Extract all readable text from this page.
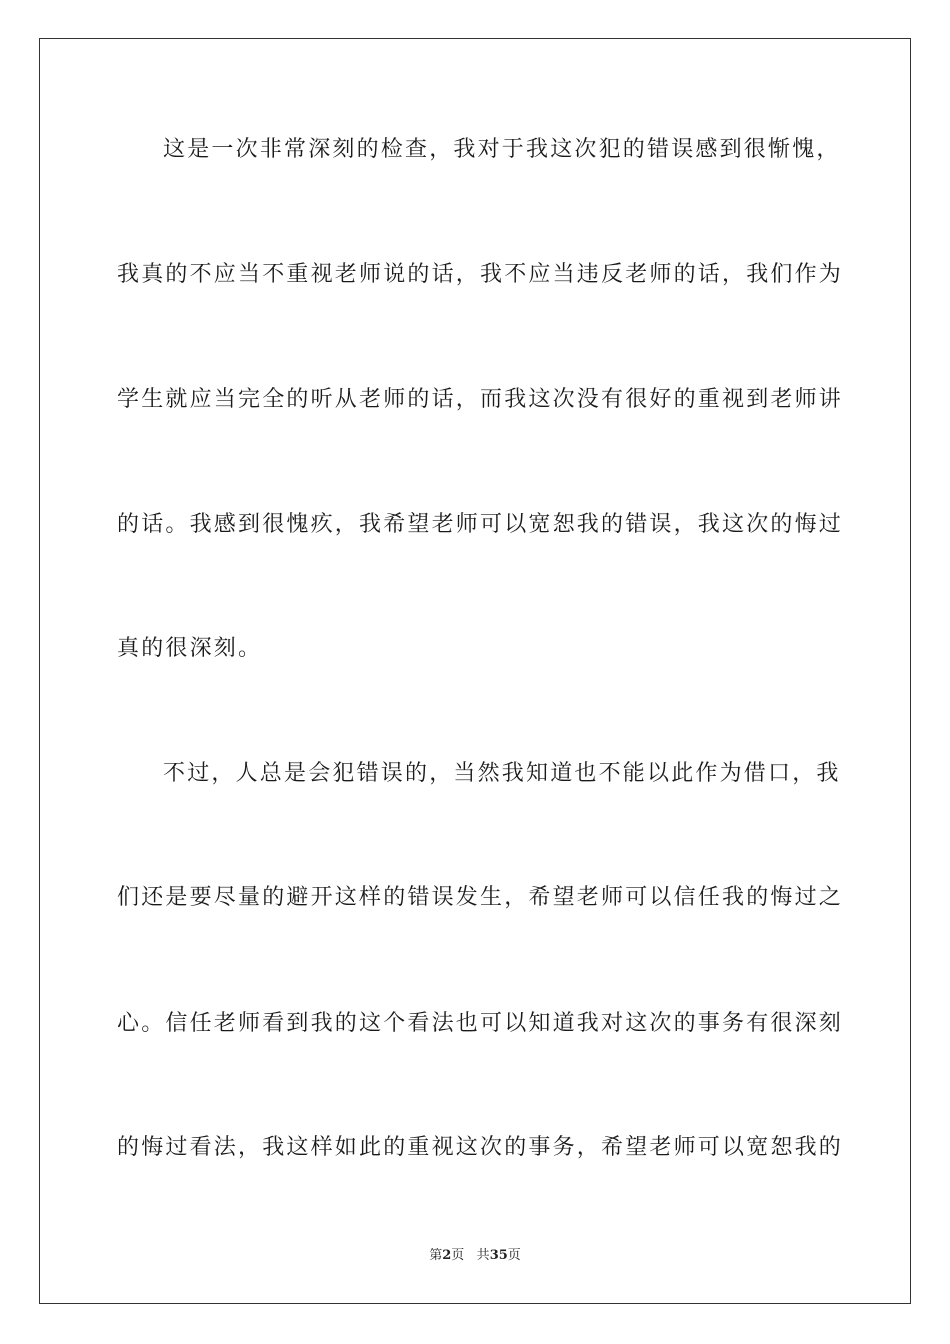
这是一次非常深刻的检查，我对于我这次犯的错误感到很惭愧，
我真的不应当不重视老师说的话，我不应当违反老师的话，我们作为
学生就应当完全的听从老师的话，而我这次没有很好的重视到老师讲
的话。我感到很愧疚，我希望老师可以宽恕我的错误，我这次的悔过
真的很深刻。
不过，人总是会犯错误的，当然我知道也不能以此作为借口，我
们还是要尽量的避开这样的错误发生，希望老师可以信任我的悔过之
心。信任老师看到我的这个看法也可以知道我对这次的事务有很深刻
的悔过看法，我这样如此的重视这次的事务，希望老师可以宽恕我的
第2页 共35页
